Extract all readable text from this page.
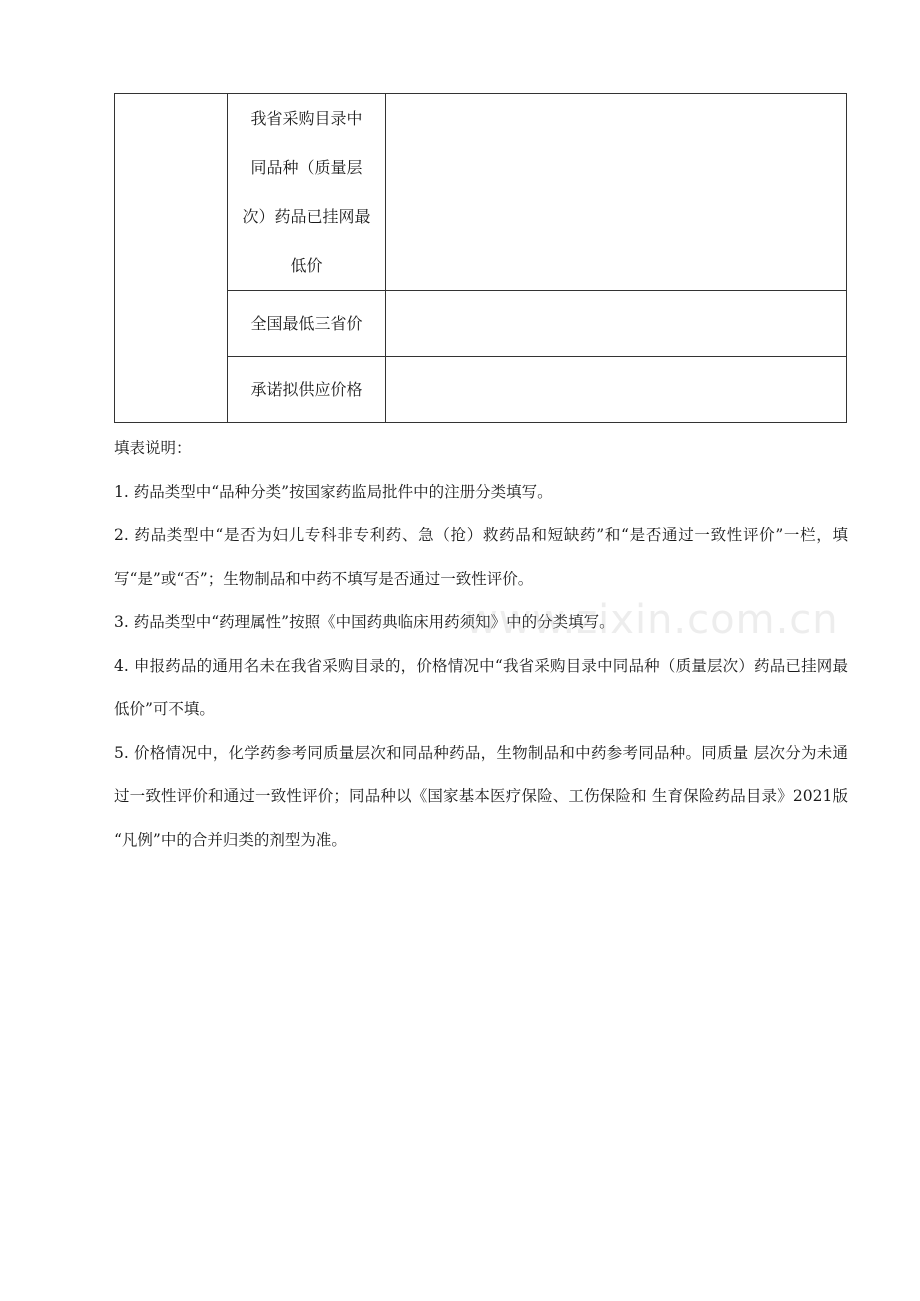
	我省采购目录中
同品种（质量层
次）药品已挂网最
低价	

	全国最低三省价	

	承诺拟供应价格	

填表说明：

1. 药品类型中“品种分类”按国家药监局批件中的注册分类填写。

2. 药品类型中“是否为妇儿专科非专利药、急（抢）救药品和短缺药”和“是否通过一致性评价”一栏，填写“是”或“否”；生物制品和中药不填写是否通过一致性评价。

3. 药品类型中“药理属性”按照《中国药典临床用药须知》中的分类填写。

4. 申报药品的通用名未在我省采购目录的，价格情况中“我省采购目录中同品种（质量层次）药品已挂网最低价”可不填。

5. 价格情况中，化学药参考同质量层次和同品种药品，生物制品和中药参考同品种。同质量 层次分为未通过一致性评价和通过一致性评价；同品种以《国家基本医疗保险、工伤保险和 生育保险药品目录》2021版 “凡例”中的合并归类的剂型为准。

www.zixin.com.cn
